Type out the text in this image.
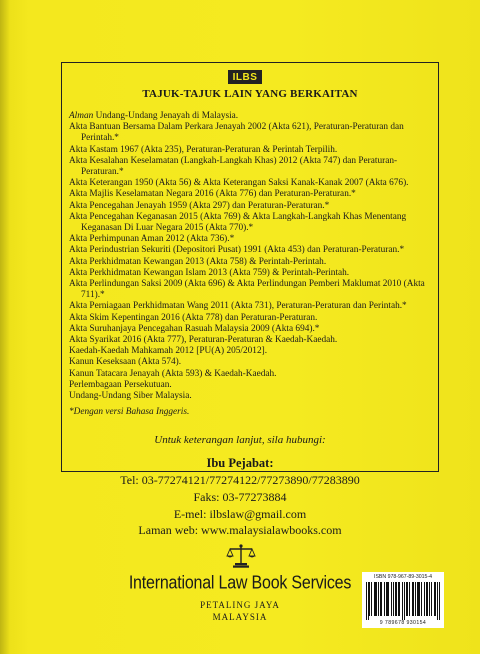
ILBS
TAJUK-TAJUK LAIN YANG BERKAITAN
Alman Undang-Undang Jenayah di Malaysia.
Akta Bantuan Bersama Dalam Perkara Jenayah 2002 (Akta 621), Peraturan-Peraturan dan Perintah.*
Akta Kastam 1967 (Akta 235), Peraturan-Peraturan & Perintah Terpilih.
Akta Kesalahan Keselamatan (Langkah-Langkah Khas) 2012 (Akta 747) dan Peraturan-Peraturan.*
Akta Keterangan 1950 (Akta 56) & Akta Keterangan Saksi Kanak-Kanak 2007 (Akta 676).
Akta Majlis Keselamatan Negara 2016 (Akta 776) dan Peraturan-Peraturan.*
Akta Pencegahan Jenayah 1959 (Akta 297) dan Peraturan-Peraturan.*
Akta Pencegahan Keganasan 2015 (Akta 769) & Akta Langkah-Langkah Khas Menentang Keganasan Di Luar Negara 2015 (Akta 770).*
Akta Perhimpunan Aman 2012 (Akta 736).*
Akta Perindustrian Sekuriti (Depositori Pusat) 1991 (Akta 453) dan Peraturan-Peraturan.*
Akta Perkhidmatan Kewangan 2013 (Akta 758) & Perintah-Perintah.
Akta Perkhidmatan Kewangan Islam 2013 (Akta 759) & Perintah-Perintah.
Akta Perlindungan Saksi 2009 (Akta 696) & Akta Perlindungan Pemberi Maklumat 2010 (Akta 711).*
Akta Perniagaan Perkhidmatan Wang 2011 (Akta 731), Peraturan-Peraturan dan Perintah.*
Akta Skim Kepentingan 2016 (Akta 778) dan Peraturan-Peraturan.
Akta Suruhanjaya Pencegahan Rasuah Malaysia 2009 (Akta 694).*
Akta Syarikat 2016 (Akta 777), Peraturan-Peraturan & Kaedah-Kaedah.
Kaedah-Kaedah Mahkamah 2012 [PU(A) 205/2012].
Kanun Keseksaan (Akta 574).
Kanun Tatacara Jenayah (Akta 593) & Kaedah-Kaedah.
Perlembagaan Persekutuan.
Undang-Undang Siber Malaysia.
*Dengan versi Bahasa Inggeris.
Untuk keterangan lanjut, sila hubungi:
Ibu Pejabat:
Tel: 03-77274121/77274122/77273890/77283890
Faks: 03-77273884
E-mel: ilbslaw@gmail.com
Laman web: www.malaysialawbooks.com
International Law Book Services
PETALING JAYA
MALAYSIA
ISBN 978-967-89-3015-4
9 789678 930154
